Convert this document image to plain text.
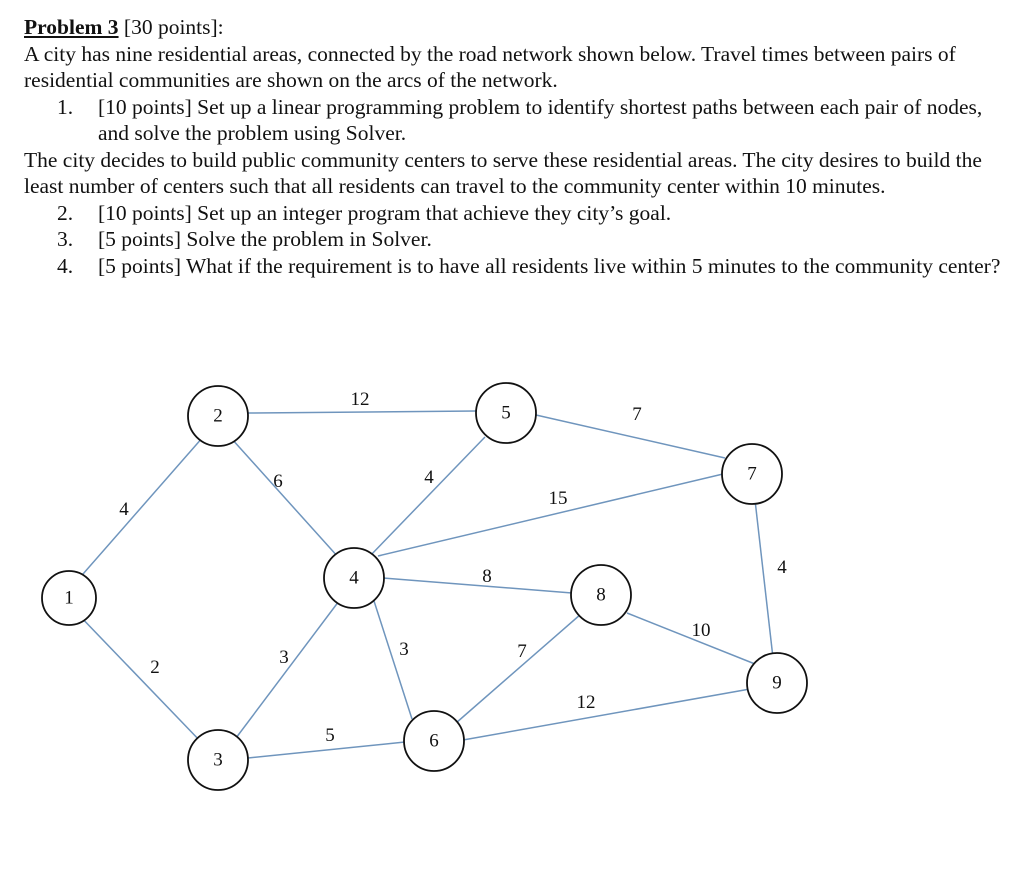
Problem 3 [30 points]:

A city has nine residential areas, connected by the road network shown below. Travel times between pairs of residential communities are shown on the arcs of the network.

1.	[10 points] Set up a linear programming problem to identify shortest paths between each pair of nodes, and solve the problem using Solver.

The city decides to build public community centers to serve these residential areas. The city desires to build the least number of centers such that all residents can travel to the community center within 10 minutes.

2.	[10 points] Set up an integer program that achieve they city’s goal.
3.	[5 points] Solve the problem in Solver.
4.	[5 points] What if the requirement is to have all residents live within 5 minutes to the community center?
4
2
12
6
3
5
4
15
8
3
7
7
12
4
10
1
2
3
4
5
6
7
8
9
